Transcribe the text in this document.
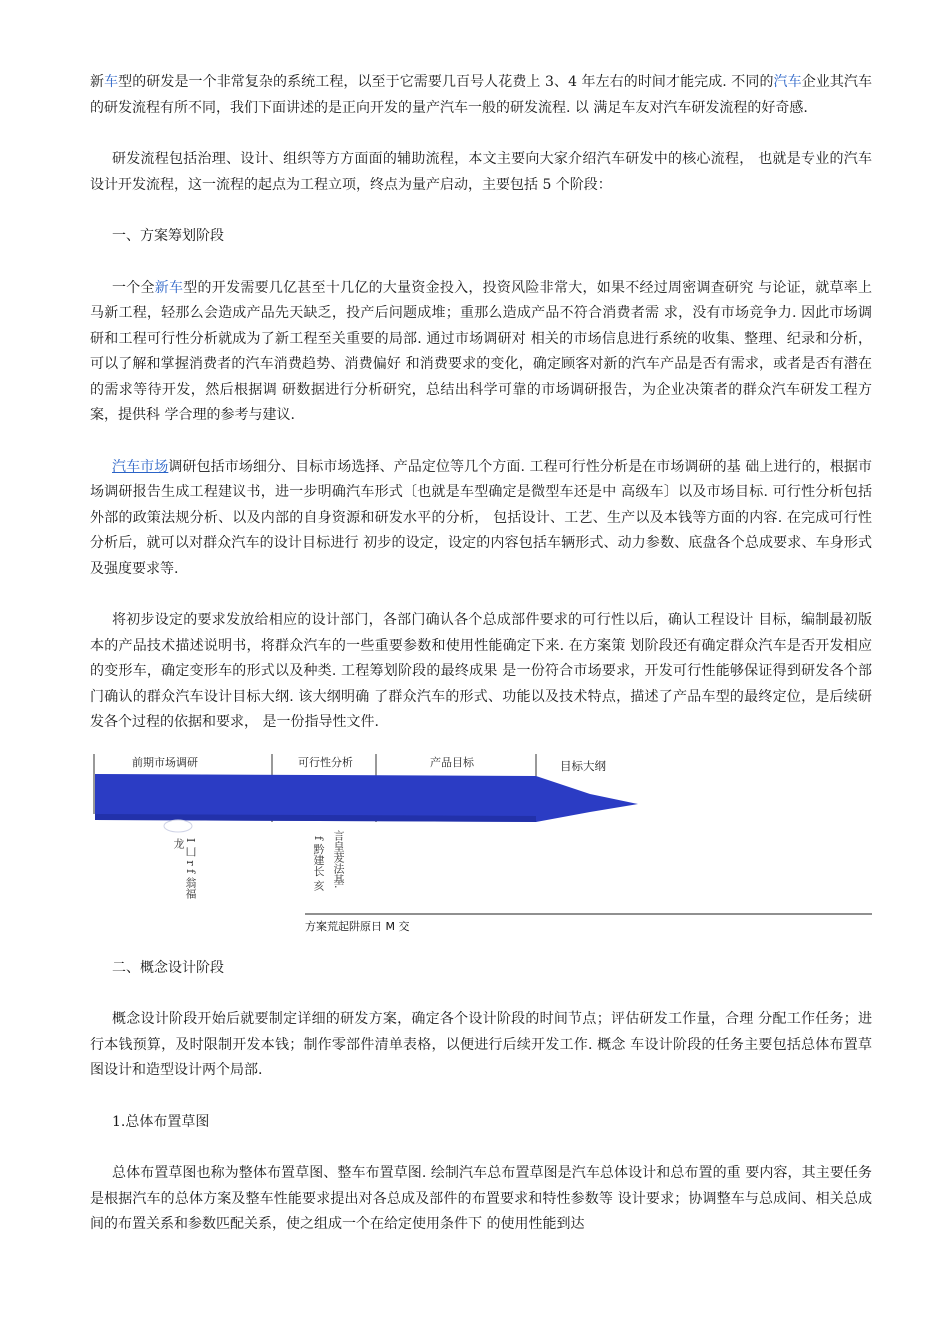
新车型的研发是一个非常复杂的系统工程，以至于它需要几百号人花费上 3、4 年左右的时间才能完成. 不同的汽车企业其汽车的研发流程有所不同，我们下面讲述的是正向开发的量产汽车一般的研发流程. 以 满足车友对汽车研发流程的好奇感.

研发流程包括治理、设计、组织等方方面面的辅助流程，本文主要向大家介绍汽车研发中的核心流程， 也就是专业的汽车设计开发流程，这一流程的起点为工程立项，终点为量产启动，主要包括 5 个阶段：

一、方案筹划阶段

一个全新车型的开发需要几亿甚至十几亿的大量资金投入，投资风险非常大，如果不经过周密调查研究 与论证，就草率上马新工程，轻那么会造成产品先天缺乏，投产后问题成堆；重那么造成产品不符合消费者需 求，没有市场竞争力. 因此市场调研和工程可行性分析就成为了新工程至关重要的局部. 通过市场调研对 相关的市场信息进行系统的收集、整理、纪录和分析，可以了解和掌握消费者的汽车消费趋势、消费偏好 和消费要求的变化，确定顾客对新的汽车产品是否有需求，或者是否有潜在的需求等待开发，然后根据调 研数据进行分析研究，总结出科学可靠的市场调研报告，为企业决策者的群众汽车研发工程方案，提供科 学合理的参考与建议.

汽车市场调研包括市场细分、目标市场选择、产品定位等几个方面. 工程可行性分析是在市场调研的基 础上进行的，根据市场调研报告生成工程建议书，进一步明确汽车形式〔也就是车型确定是微型车还是中 高级车〕以及市场目标. 可行性分析包括外部的政策法规分析、以及内部的自身资源和研发水平的分析， 包括设计、工艺、生产以及本钱等方面的内容. 在完成可行性分析后，就可以对群众汽车的设计目标进行 初步的设定，设定的内容包括车辆形式、动力参数、底盘各个总成要求、车身形式及强度要求等.

将初步设定的要求发放给相应的设计部门，各部门确认各个总成部件要求的可行性以后，确认工程设计 目标，编制最初版本的产品技术描述说明书，将群众汽车的一些重要参数和使用性能确定下来. 在方案策 划阶段还有确定群众汽车是否开发相应的变形车，确定变形车的形式以及种类. 工程筹划阶段的最终成果 是一份符合市场要求，开发可行性能够保证得到研发各个部门确认的群众汽车设计目标大纲. 该大纲明确 了群众汽车的形式、功能以及技术特点，描述了产品车型的最终定位，是后续研发各个过程的依据和要求， 是一份指导性文件.

前期市场调研	可行性分析	产品目标	目标大纲
I 凵 r f 翁福龙	f 黔建长 亥 言皇茇法基.
方案荒起阱原日 M 交
二、概念设计阶段

概念设计阶段开始后就要制定详细的研发方案，确定各个设计阶段的时间节点；评估研发工作量，合理 分配工作任务；进行本钱预算，及时限制开发本钱；制作零部件清单表格，以便进行后续开发工作. 概念 车设计阶段的任务主要包括总体布置草图设计和造型设计两个局部.

1.总体布置草图

总体布置草图也称为整体布置草图、整车布置草图. 绘制汽车总布置草图是汽车总体设计和总布置的重 要内容，其主要任务是根据汽车的总体方案及整车性能要求提出对各总成及部件的布置要求和特性参数等 设计要求；协调整车与总成间、相关总成间的布置关系和参数匹配关系，使之组成一个在给定使用条件下 的使用性能到达
